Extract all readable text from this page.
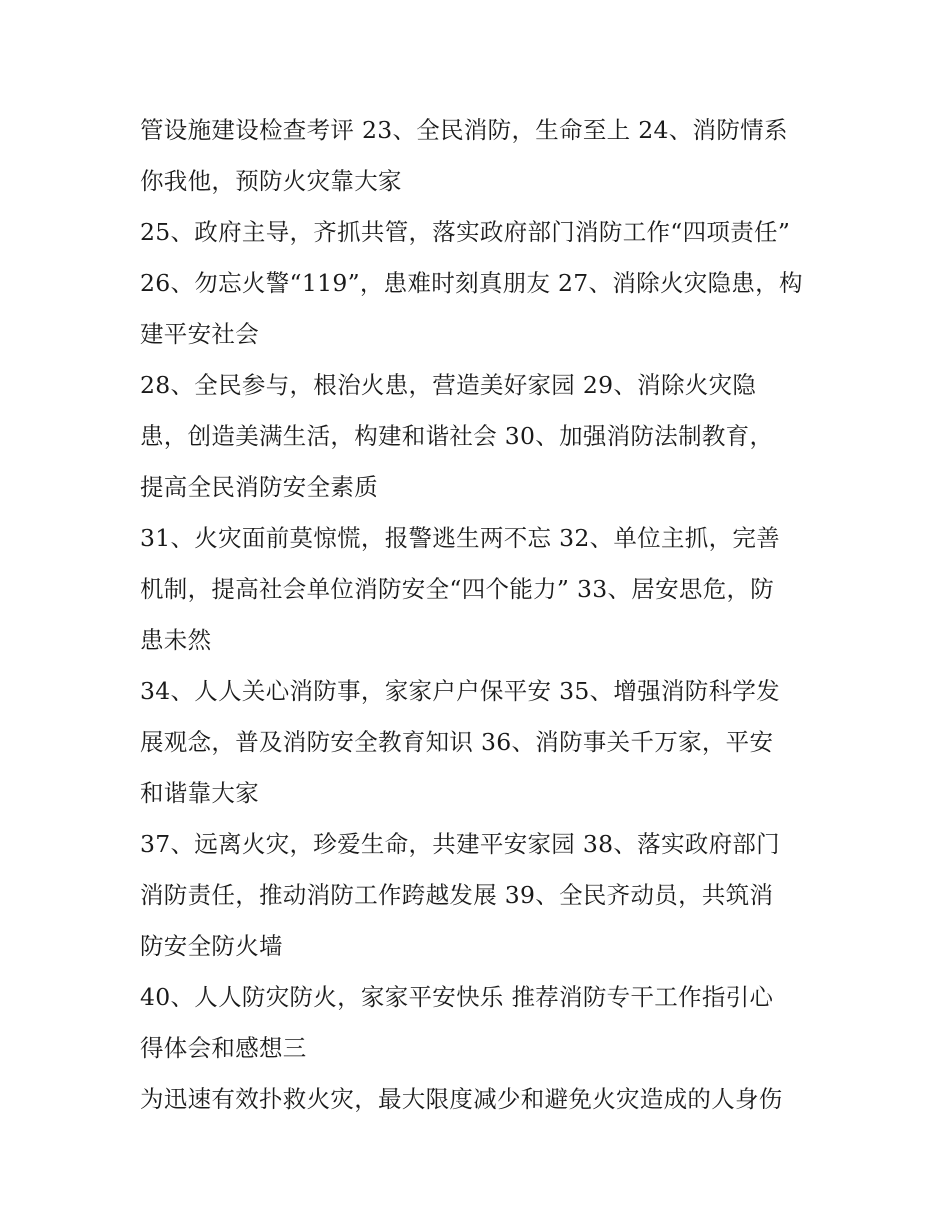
管设施建设检查考评 23、全民消防，生命至上 24、消防情系
你我他，预防火灾靠大家
25、政府主导，齐抓共管，落实政府部门消防工作“四项责任”
26、勿忘火警“119”，患难时刻真朋友 27、消除火灾隐患，构
建平安社会
28、全民参与，根治火患，营造美好家园 29、消除火灾隐
患，创造美满生活，构建和谐社会 30、加强消防法制教育，
提高全民消防安全素质
31、火灾面前莫惊慌，报警逃生两不忘 32、单位主抓，完善
机制，提高社会单位消防安全“四个能力” 33、居安思危，防
患未然
34、人人关心消防事，家家户户保平安 35、增强消防科学发
展观念，普及消防安全教育知识 36、消防事关千万家，平安
和谐靠大家
37、远离火灾，珍爱生命，共建平安家园 38、落实政府部门
消防责任，推动消防工作跨越发展 39、全民齐动员，共筑消
防安全防火墙
40、人人防灾防火，家家平安快乐 推荐消防专干工作指引心
得体会和感想三
为迅速有效扑救火灾，最大限度减少和避免火灾造成的人身伤
